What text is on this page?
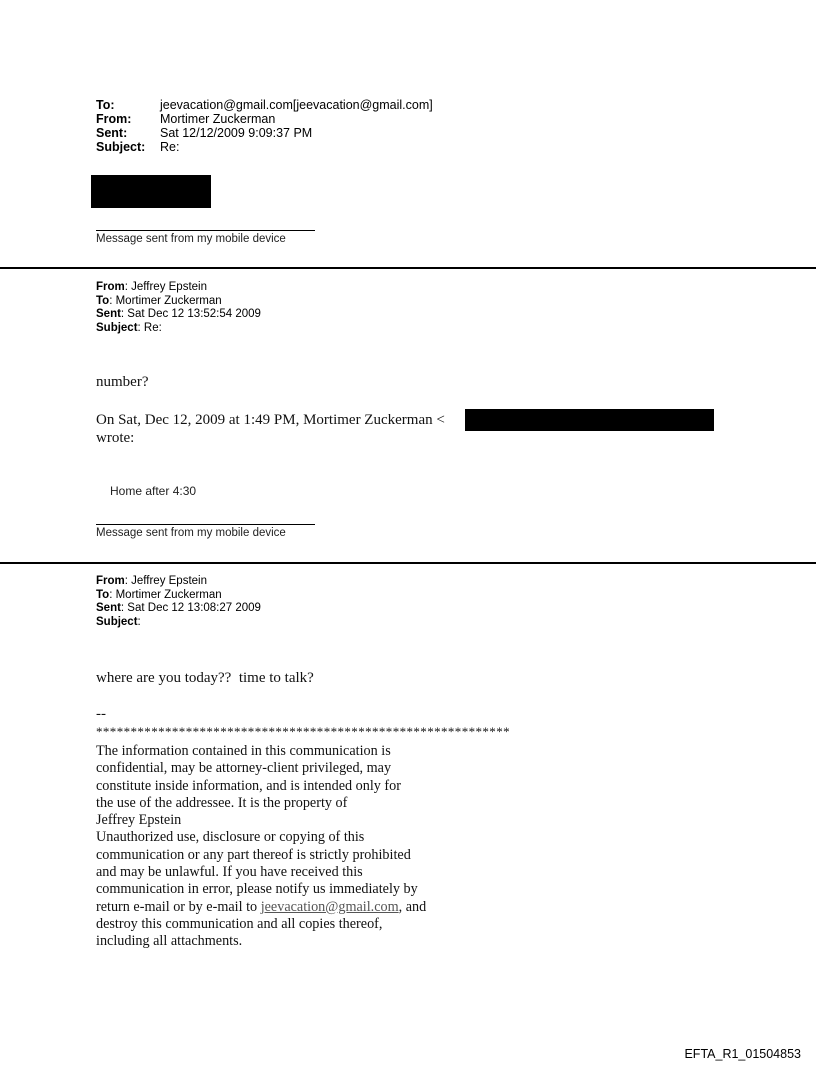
To:	jeevacation@gmail.com[jeevacation@gmail.com]
From:	Mortimer Zuckerman
Sent:	Sat 12/12/2009 9:09:37 PM
Subject:	Re:
Message sent from my mobile device
From: Jeffrey Epstein
To: Mortimer Zuckerman
Sent: Sat Dec 12 13:52:54 2009
Subject: Re:
number?
On Sat, Dec 12, 2009 at 1:49 PM, Mortimer Zuckerman <
wrote:
Home after 4:30
Message sent from my mobile device
From: Jeffrey Epstein
To: Mortimer Zuckerman
Sent: Sat Dec 12 13:08:27 2009
Subject:
where are you today??  time to talk?
--
************************************************************
The information contained in this communication is
confidential, may be attorney-client privileged, may
constitute inside information, and is intended only for
the use of the addressee. It is the property of
Jeffrey Epstein
Unauthorized use, disclosure or copying of this
communication or any part thereof is strictly prohibited
and may be unlawful. If you have received this
communication in error, please notify us immediately by
return e-mail or by e-mail to jeevacation@gmail.com, and
destroy this communication and all copies thereof,
including all attachments.
EFTA_R1_01504853
